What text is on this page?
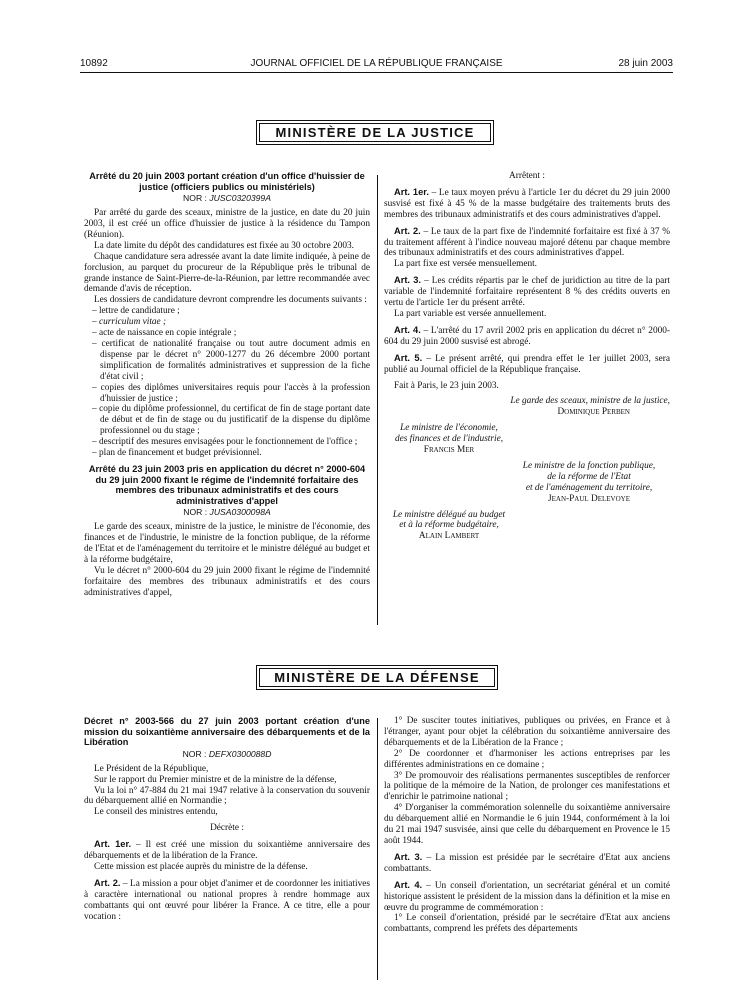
10892	JOURNAL OFFICIEL DE LA RÉPUBLIQUE FRANÇAISE	28 juin 2003
MINISTÈRE DE LA JUSTICE

Arrêté du 20 juin 2003 portant création d'un office d'huissier de justice (officiers publics ou ministériels)

NOR : JUSC0320399A

Par arrêté du garde des sceaux, ministre de la justice, en date du 20 juin 2003, il est créé un office d'huissier de justice à la résidence du Tampon (Réunion).

La date limite du dépôt des candidatures est fixée au 30 octobre 2003.

Chaque candidature sera adressée avant la date limite indiquée, à peine de forclusion, au parquet du procureur de la République près le tribunal de grande instance de Saint-Pierre-de-la-Réunion, par lettre recommandée avec demande d'avis de réception.

Les dossiers de candidature devront comprendre les documents suivants :

– lettre de candidature ;

– curriculum vitae ;

– acte de naissance en copie intégrale ;

– certificat de nationalité française ou tout autre document admis en dispense par le décret n° 2000-1277 du 26 décembre 2000 portant simplification de formalités administratives et suppression de la fiche d'état civil ;

– copies des diplômes universitaires requis pour l'accès à la profession d'huissier de justice ;

– copie du diplôme professionnel, du certificat de fin de stage portant date de début et de fin de stage ou du justificatif de la dispense du diplôme professionnel ou du stage ;

– descriptif des mesures envisagées pour le fonctionnement de l'office ;

– plan de financement et budget prévisionnel.

Arrêté du 23 juin 2003 pris en application du décret n° 2000-604 du 29 juin 2000 fixant le régime de l'indemnité forfaitaire des membres des tribunaux administratifs et des cours administratives d'appel

NOR : JUSA0300098A

Le garde des sceaux, ministre de la justice, le ministre de l'économie, des finances et de l'industrie, le ministre de la fonction publique, de la réforme de l'Etat et de l'aménagement du territoire et le ministre délégué au budget et à la réforme budgétaire,

Vu le décret n° 2000-604 du 29 juin 2000 fixant le régime de l'indemnité forfaitaire des membres des tribunaux administratifs et des cours administratives d'appel,

Arrêtent :

Art. 1er. – Le taux moyen prévu à l'article 1er du décret du 29 juin 2000 susvisé est fixé à 45 % de la masse budgétaire des traitements bruts des membres des tribunaux administratifs et des cours administratives d'appel.

Art. 2. – Le taux de la part fixe de l'indemnité forfaitaire est fixé à 37 % du traitement afférent à l'indice nouveau majoré détenu par chaque membre des tribunaux administratifs et des cours administratives d'appel.

La part fixe est versée mensuellement.

Art. 3. – Les crédits répartis par le chef de juridiction au titre de la part variable de l'indemnité forfaitaire représentent 8 % des crédits ouverts en vertu de l'article 1er du présent arrêté.

La part variable est versée annuellement.

Art. 4. – L'arrêté du 17 avril 2002 pris en application du décret n° 2000-604 du 29 juin 2000 susvisé est abrogé.

Art. 5. – Le présent arrêté, qui prendra effet le 1er juillet 2003, sera publié au Journal officiel de la République française.

Fait à Paris, le 23 juin 2003.

Le garde des sceaux, ministre de la justice,

Dominique Perben

Le ministre de l'économie,

des finances et de l'industrie,

Francis Mer

Le ministre de la fonction publique,

de la réforme de l'Etat

et de l'aménagement du territoire,

Jean-Paul Delevoye

Le ministre délégué au budget

et à la réforme budgétaire,

Alain Lambert

MINISTÈRE DE LA DÉFENSE

Décret n° 2003-566 du 27 juin 2003 portant création d'une mission du soixantième anniversaire des débarquements et de la Libération

NOR : DEFX0300088D

Le Président de la République,

Sur le rapport du Premier ministre et de la ministre de la défense,

Vu la loi n° 47-884 du 21 mai 1947 relative à la conservation du souvenir du débarquement allié en Normandie ;

Le conseil des ministres entendu,

Décrète :

Art. 1er. – Il est créé une mission du soixantième anniversaire des débarquements et de la libération de la France.

Cette mission est placée auprès du ministre de la défense.

Art. 2. – La mission a pour objet d'animer et de coordonner les initiatives à caractère international ou national propres à rendre hommage aux combattants qui ont œuvré pour libérer la France. A ce titre, elle a pour vocation :

1° De susciter toutes initiatives, publiques ou privées, en France et à l'étranger, ayant pour objet la célébration du soixantième anniversaire des débarquements et de la Libération de la France ;

2° De coordonner et d'harmoniser les actions entreprises par les différentes administrations en ce domaine ;

3° De promouvoir des réalisations permanentes susceptibles de renforcer la politique de la mémoire de la Nation, de prolonger ces manifestations et d'enrichir le patrimoine national ;

4° D'organiser la commémoration solennelle du soixantième anniversaire du débarquement allié en Normandie le 6 juin 1944, conformément à la loi du 21 mai 1947 susvisée, ainsi que celle du débarquement en Provence le 15 août 1944.

Art. 3. – La mission est présidée par le secrétaire d'Etat aux anciens combattants.

Art. 4. – Un conseil d'orientation, un secrétariat général et un comité historique assistent le président de la mission dans la définition et la mise en œuvre du programme de commémoration :

1° Le conseil d'orientation, présidé par le secrétaire d'Etat aux anciens combattants, comprend les préfets des départements
